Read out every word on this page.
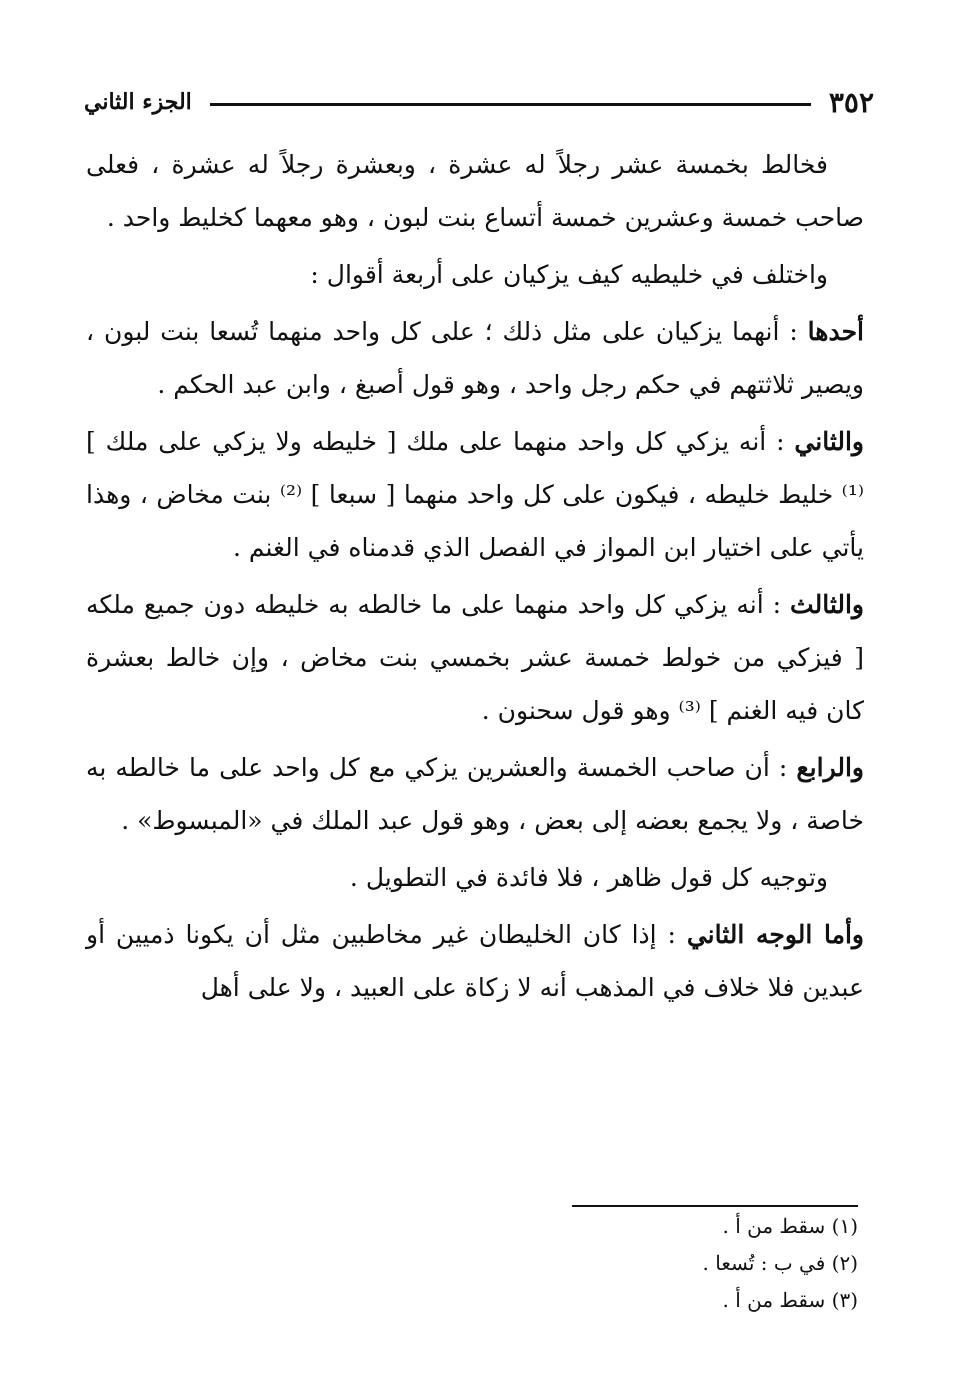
٣٥٢
الجزء الثاني

فخالط بخمسة عشر رجلاً له عشرة ، وبعشرة رجلاً له عشرة ، فعلى صاحب خمسة وعشرين خمسة أتساع بنت لبون ، وهو معهما كخليط واحد .

واختلف في خليطيه كيف يزكيان على أربعة أقوال :

أحدها : أنهما يزكيان على مثل ذلك ؛ على كل واحد منهما تُسعا بنت لبون ، ويصير ثلاثتهم في حكم رجل واحد ، وهو قول أصبغ ، وابن عبد الحكم .

والثاني : أنه يزكي كل واحد منهما على ملك [ خليطه ولا يزكي على ملك ] ⁽¹⁾ خليط خليطه ، فيكون على كل واحد منهما [ سبعا ] ⁽²⁾ بنت مخاض ، وهذا يأتي على اختيار ابن المواز في الفصل الذي قدمناه في الغنم .

والثالث : أنه يزكي كل واحد منهما على ما خالطه به خليطه دون جميع ملكه [ فيزكي من خولط خمسة عشر بخمسي بنت مخاض ، وإن خالط بعشرة كان فيه الغنم ] ⁽³⁾ وهو قول سحنون .

والرابع : أن صاحب الخمسة والعشرين يزكي مع كل واحد على ما خالطه به خاصة ، ولا يجمع بعضه إلى بعض ، وهو قول عبد الملك في «المبسوط» .

وتوجيه كل قول ظاهر ، فلا فائدة في التطويل .

وأما الوجه الثاني : إذا كان الخليطان غير مخاطبين مثل أن يكونا ذميين أو عبدين فلا خلاف في المذهب أنه لا زكاة على العبيد ، ولا على أهل

(١) سقط من أ .
(٢) في ب : تُسعا .
(٣) سقط من أ .
